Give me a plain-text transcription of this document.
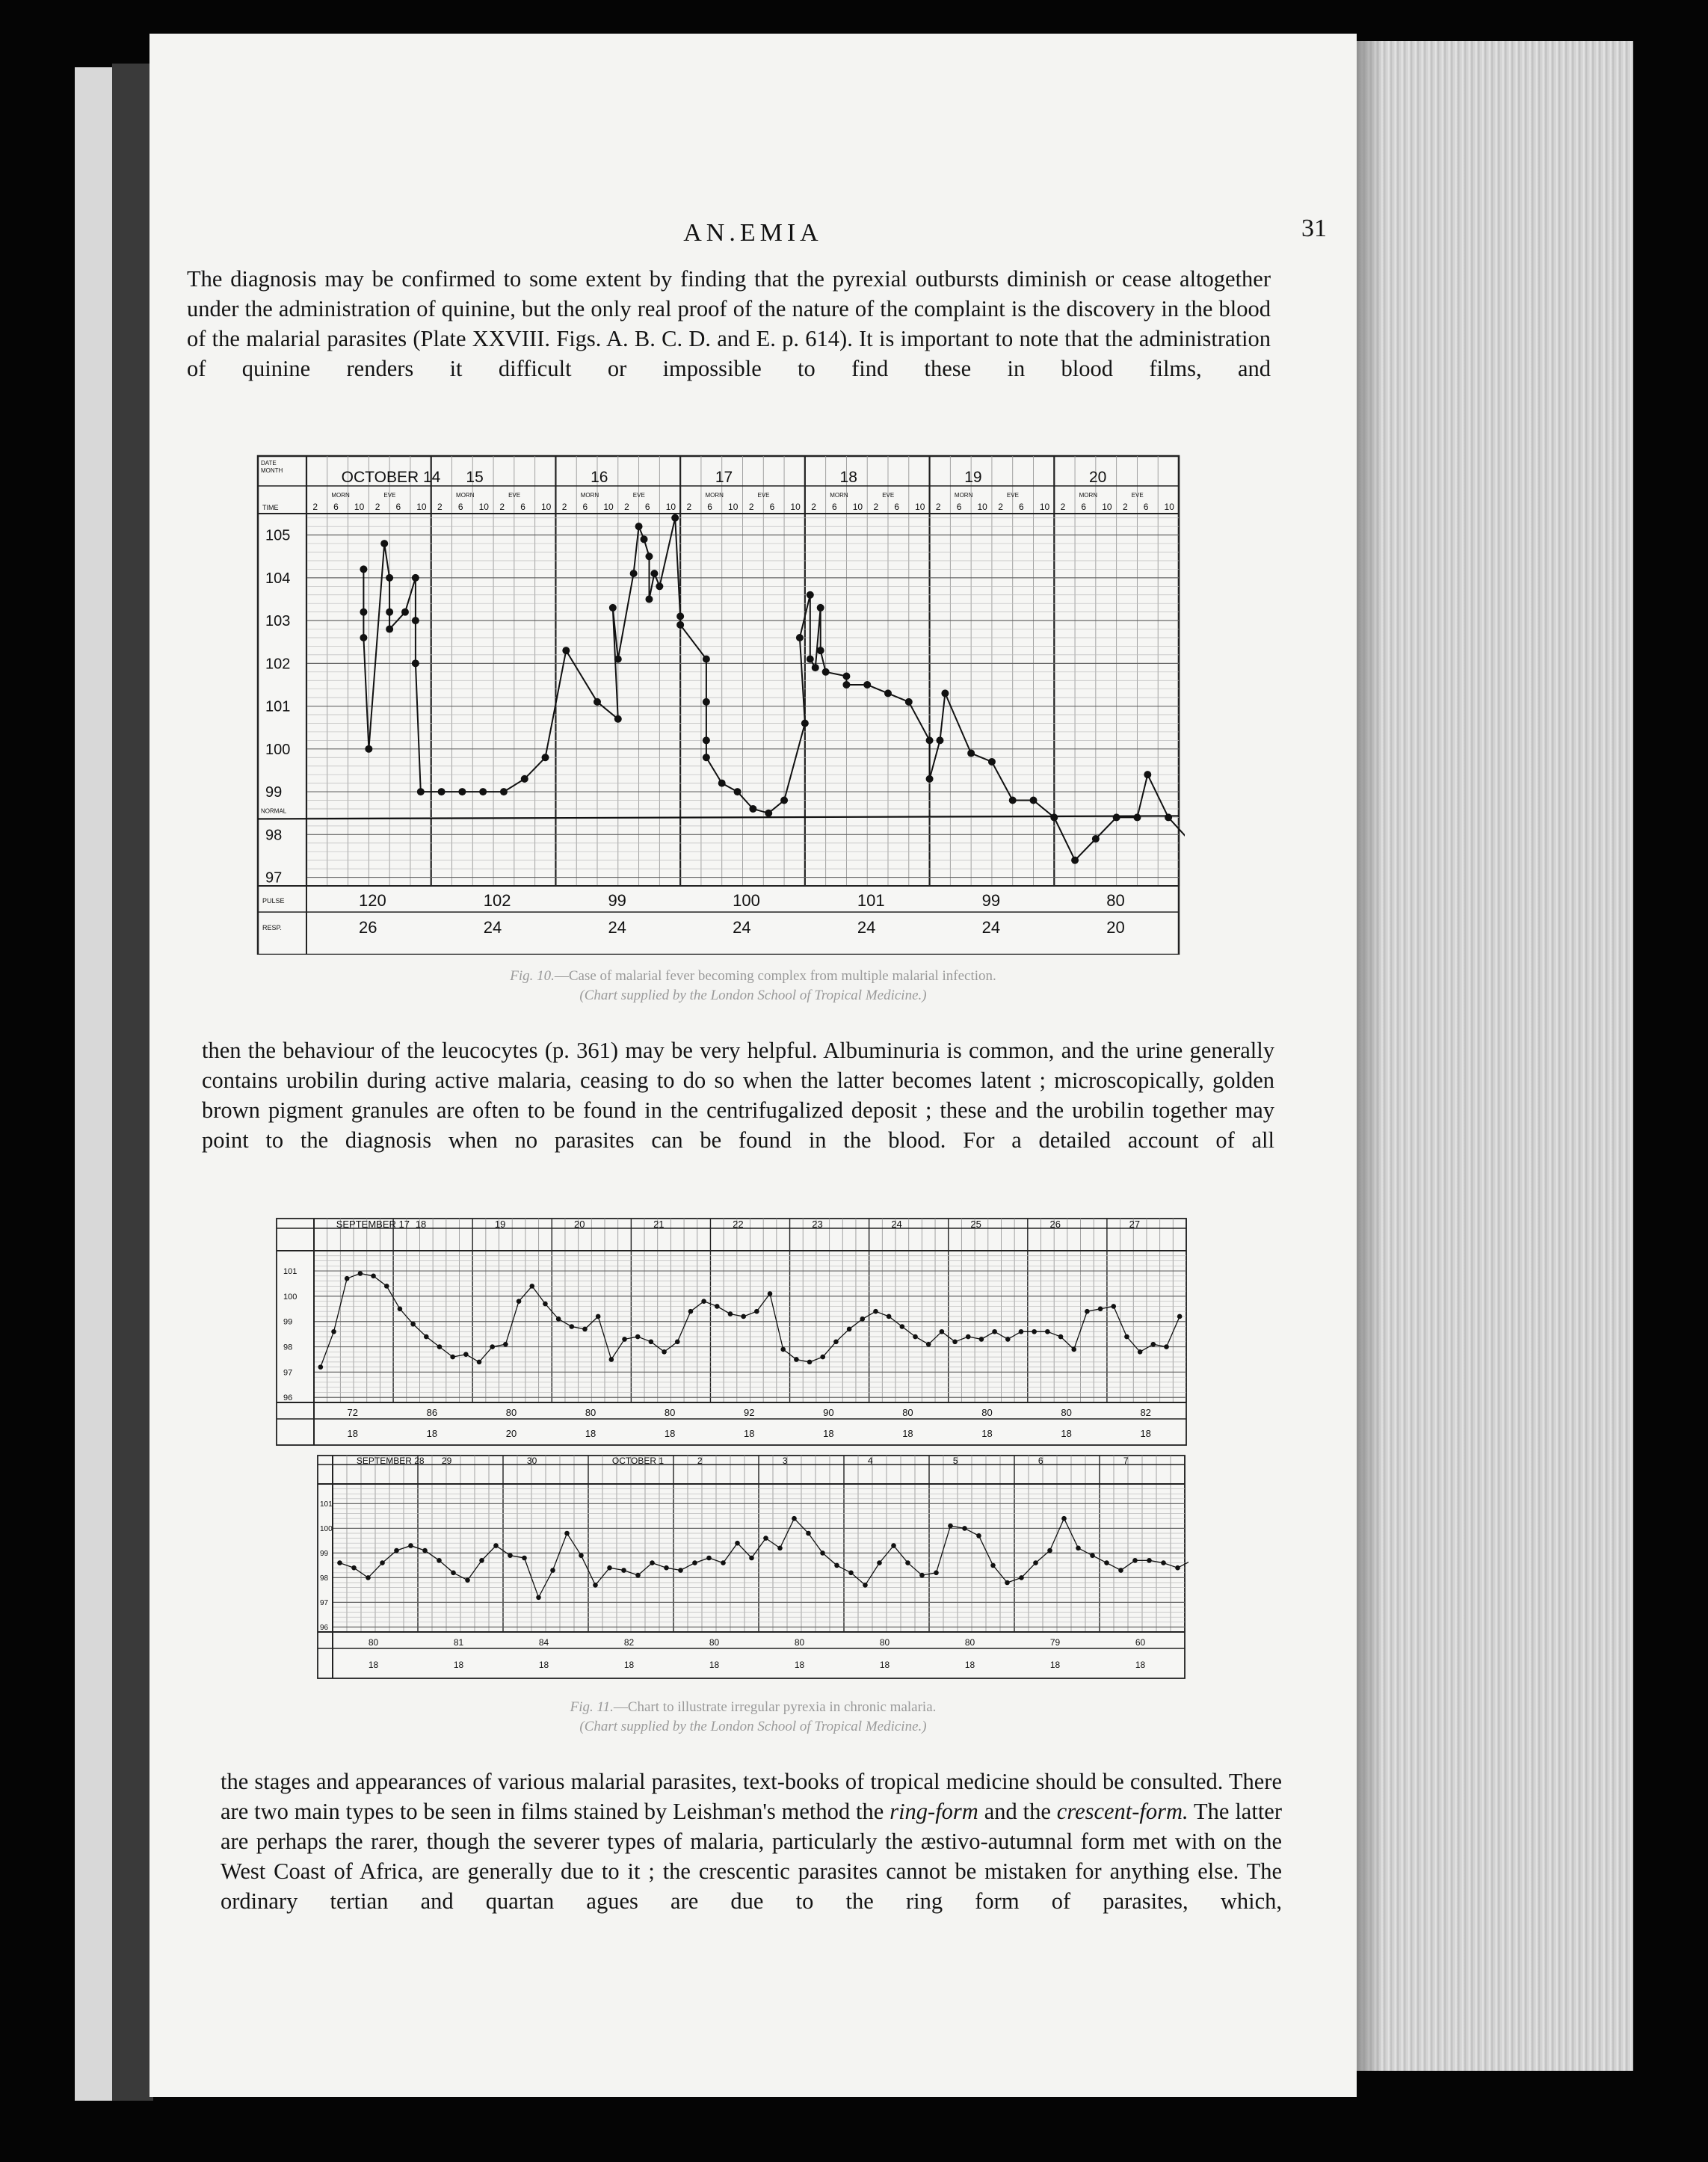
AN.EMIA	31

The diagnosis may be confirmed to some extent by finding that the pyrexial outbursts diminish or cease altogether under the administration of quinine, but the only real proof of the nature of the complaint is the discovery in the blood of the malarial parasites (Plate XXVIII. Figs. A. B. C. D. and E. p. 614). It is important to note that the administration of quinine renders it difficult or impossible to find these in blood films, and

OCTOBER 14 15	16	17	18	19	20
MORN	EVE
2 6 10 2 6 10
MORN	EVE
2 6 10 2 6 10
MORN	EVE
2 6 10 2 6 10
MORN	EVE
2 6 10 2 6 10
MORN	EVE
2 6 10 2 6 10
MORN	EVE
2 6 10 2 6 10
MORN	EVE
2 6 10 2 6 10
DATE
MONTH
TIME
NORMAL
PULSE
RESP.
97
98
99
100
101
102
103
104
105
120	102	99	100	101	99	80
26	24	24	24	24	24	20
Fig. 10.—Case of malarial fever becoming complex from multiple malarial infection.
(Chart supplied by the London School of Tropical Medicine.)

then the behaviour of the leucocytes (p. 361) may be very helpful. Albuminuria is common, and the urine generally contains urobilin during active malaria, ceasing to do so when the latter becomes latent ; microscopically, golden brown pigment granules are often to be found in the centrifugalized deposit ; these and the urobilin together may point to the diagnosis when no parasites can be found in the blood. For a detailed account of all

SEPTEMBER 17 18	19	20	21	22	23	24	25	26	27
96
97
98
99
100
101
72	86	80	80	80	92	90	80	80	80	82
18	18	20	18	18	18	18	18	18	18	18
SEPTEMBER 28 29	30	OCTOBER 1	2	3	4	5	6	7
96
97
98
99
100
101
80	81	84	82	80	80	80	80	79	60
18	18	18	18	18	18	18	18	18	18
Fig. 11.—Chart to illustrate irregular pyrexia in chronic malaria.
(Chart supplied by the London School of Tropical Medicine.)

the stages and appearances of various malarial parasites, text-books of tropical medicine should be consulted. There are two main types to be seen in films stained by Leishman's method the ring-form and the crescent-form. The latter are perhaps the rarer, though the severer types of malaria, particularly the æstivo-autumnal form met with on the West Coast of Africa, are generally due to it ; the crescentic parasites cannot be mistaken for anything else. The ordinary tertian and quartan agues are due to the ring form of parasites, which,
